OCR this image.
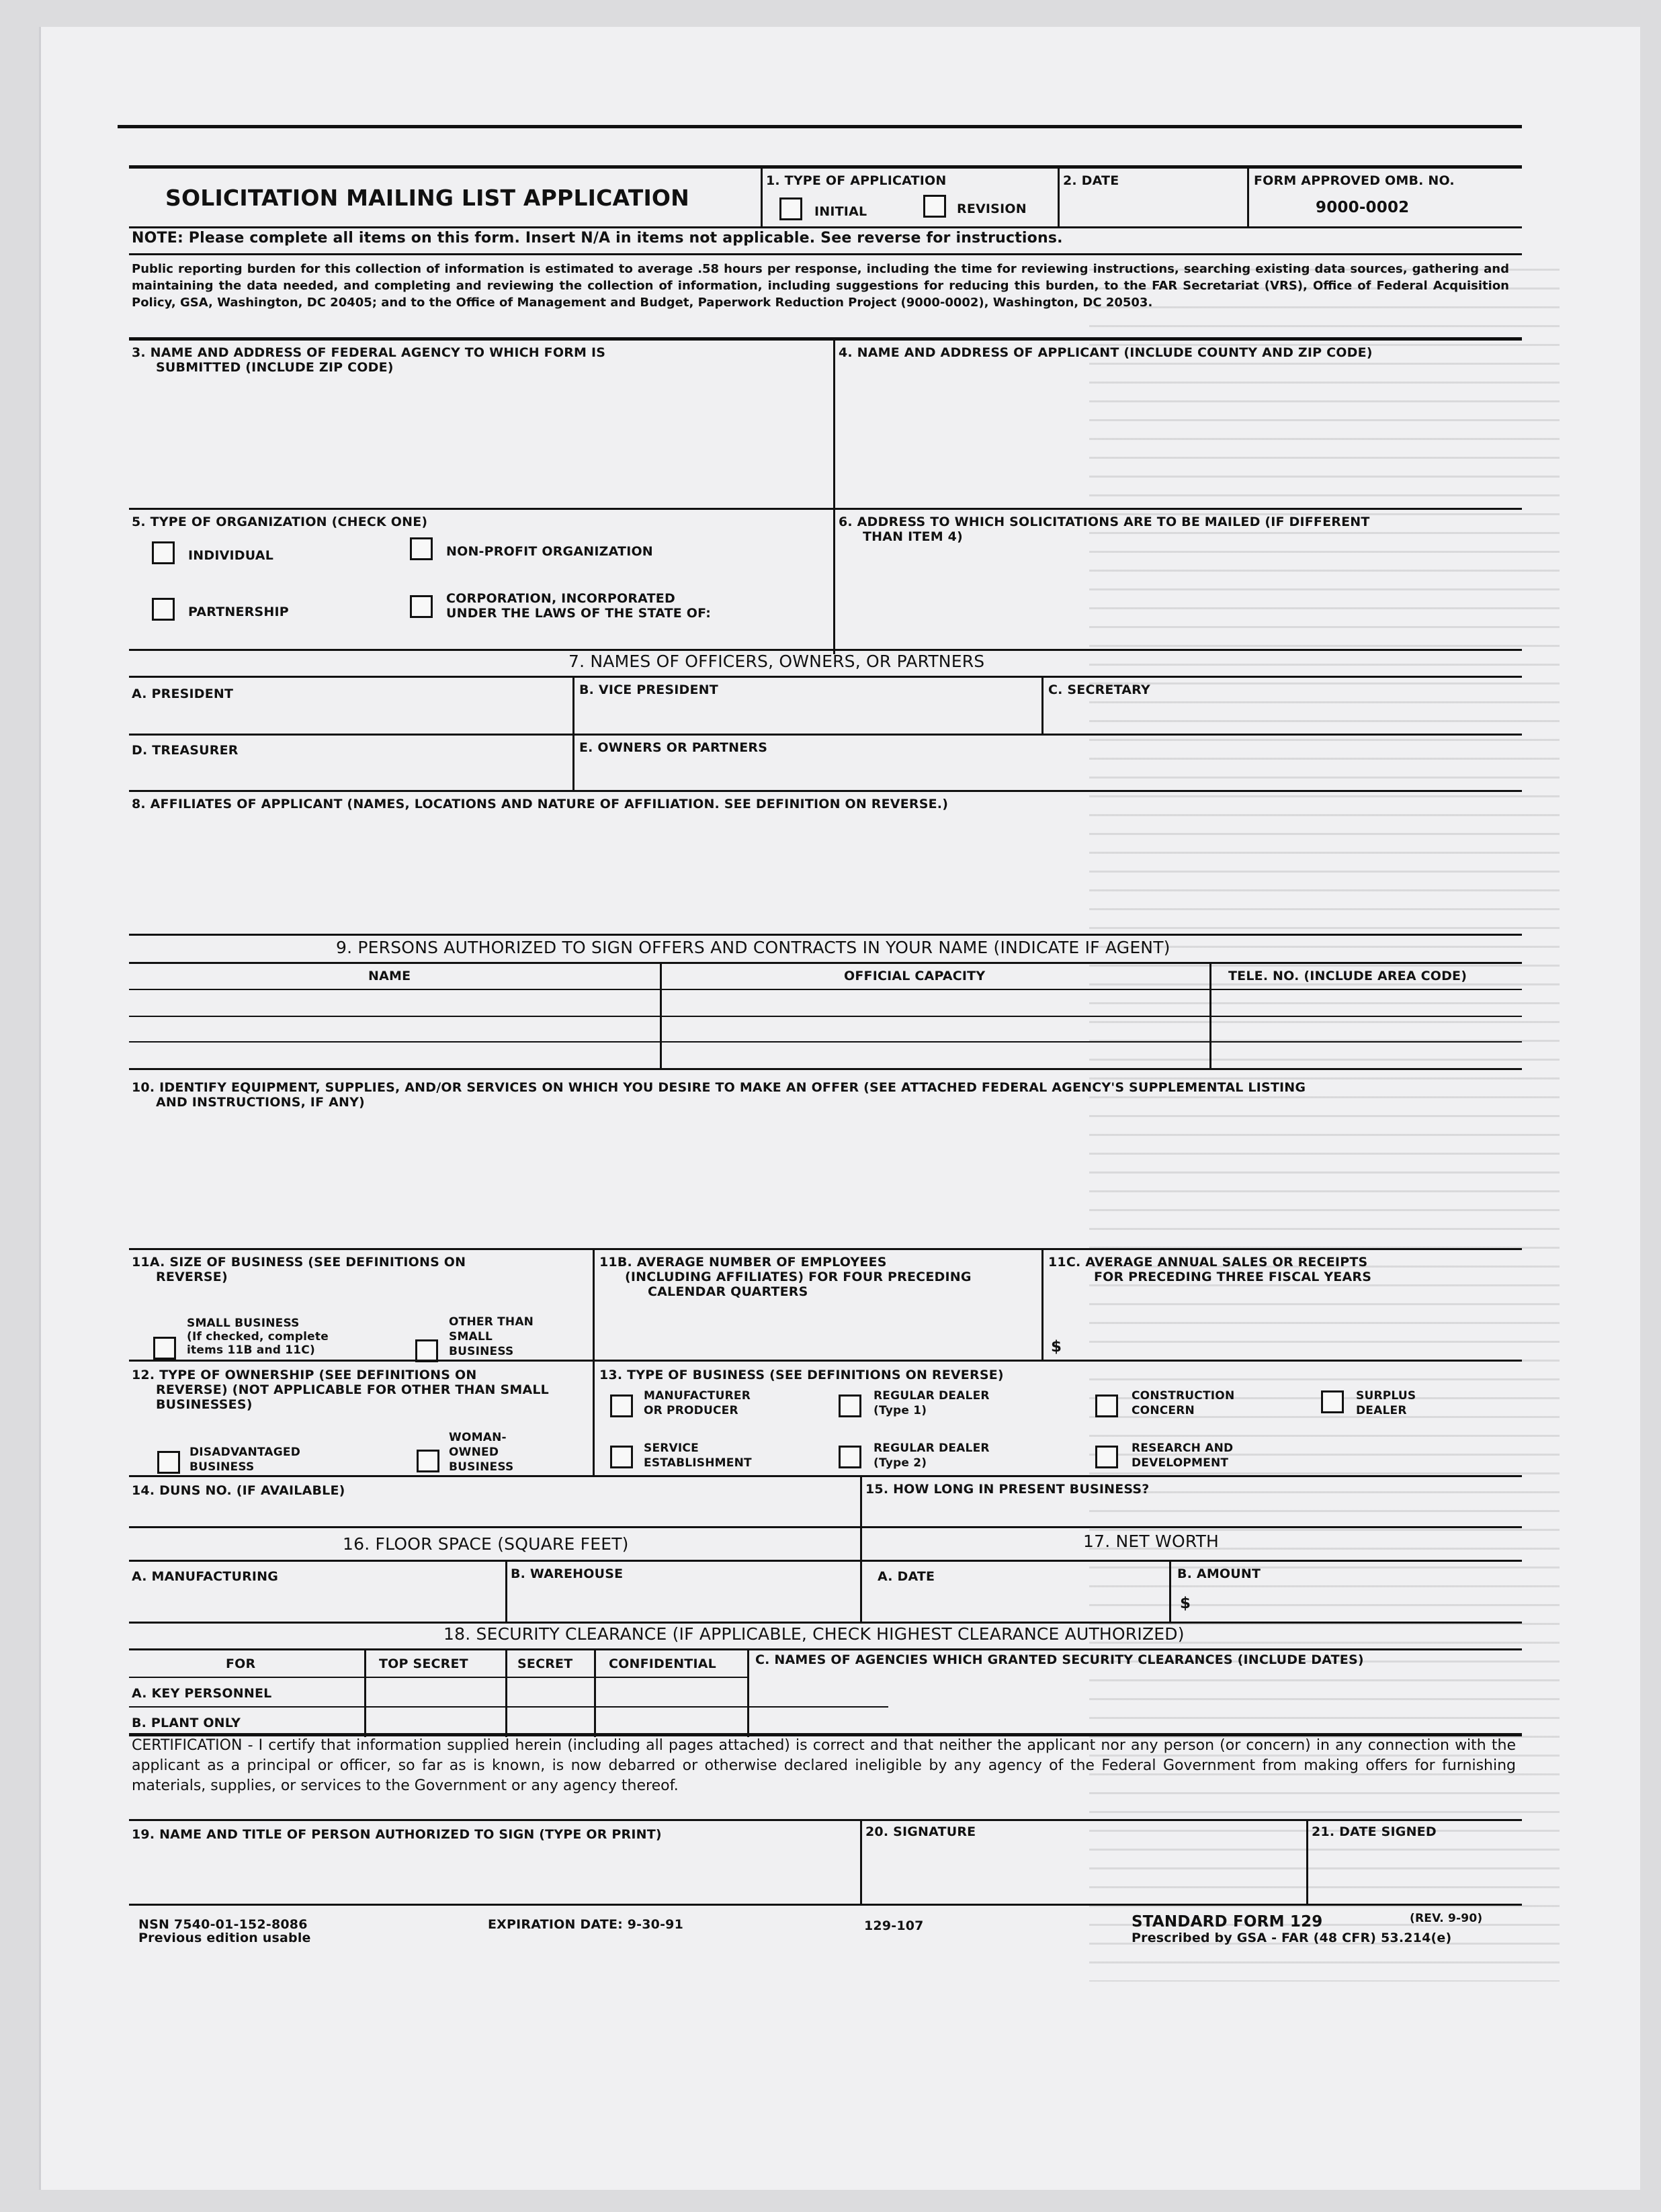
SOLICITATION MAILING LIST APPLICATION
1. TYPE OF APPLICATION
INITIAL	REVISION
2. DATE	FORM APPROVED OMB. NO.
9000-0002
NOTE: Please complete all items on this form. Insert N/A in items not applicable. See reverse for instructions.
Public reporting burden for this collection of information is estimated to average .58 hours per response, including the time for reviewing instructions, searching existing data sources, gathering and maintaining the data needed, and completing and reviewing the collection of information, including suggestions for reducing this burden, to the FAR Secretariat (VRS), Office of Federal Acquisition Policy, GSA, Washington, DC 20405; and to the Office of Management and Budget, Paperwork Reduction Project (9000-0002), Washington, DC 20503.
3. NAME AND ADDRESS OF FEDERAL AGENCY TO WHICH FORM IS
SUBMITTED (INCLUDE ZIP CODE)
4. NAME AND ADDRESS OF APPLICANT (INCLUDE COUNTY AND ZIP CODE)
5. TYPE OF ORGANIZATION (CHECK ONE)
INDIVIDUAL	NON-PROFIT ORGANIZATION
PARTNERSHIP
CORPORATION, INCORPORATED
UNDER THE LAWS OF THE STATE OF:
6. ADDRESS TO WHICH SOLICITATIONS ARE TO BE MAILED (IF DIFFERENT
THAN ITEM 4)
7. NAMES OF OFFICERS, OWNERS, OR PARTNERS
A. PRESIDENT	B. VICE PRESIDENT	C. SECRETARY
D. TREASURER	E. OWNERS OR PARTNERS
8. AFFILIATES OF APPLICANT (NAMES, LOCATIONS AND NATURE OF AFFILIATION. SEE DEFINITION ON REVERSE.)
9. PERSONS AUTHORIZED TO SIGN OFFERS AND CONTRACTS IN YOUR NAME (INDICATE IF AGENT)
NAME	OFFICIAL CAPACITY	TELE. NO. (INCLUDE AREA CODE)
10. IDENTIFY EQUIPMENT, SUPPLIES, AND/OR SERVICES ON WHICH YOU DESIRE TO MAKE AN OFFER (SEE ATTACHED FEDERAL AGENCY'S SUPPLEMENTAL LISTING
AND INSTRUCTIONS, IF ANY)
11A. SIZE OF BUSINESS (SEE DEFINITIONS ON
REVERSE)
SMALL BUSINESS
(If checked, complete
items 11B and 11C)
OTHER THAN
SMALL
BUSINESS
11B. AVERAGE NUMBER OF EMPLOYEES
(INCLUDING AFFILIATES) FOR FOUR PRECEDING
CALENDAR QUARTERS
11C. AVERAGE ANNUAL SALES OR RECEIPTS
FOR PRECEDING THREE FISCAL YEARS
$
12. TYPE OF OWNERSHIP (SEE DEFINITIONS ON
REVERSE) (NOT APPLICABLE FOR OTHER THAN SMALL
BUSINESSES)
DISADVANTAGED
BUSINESS
WOMAN-
OWNED
BUSINESS
13. TYPE OF BUSINESS (SEE DEFINITIONS ON REVERSE)
MANUFACTURER
OR PRODUCER
REGULAR DEALER
(Type 1)
CONSTRUCTION
CONCERN
SURPLUS
DEALER
SERVICE
ESTABLISHMENT
REGULAR DEALER
(Type 2)
RESEARCH AND
DEVELOPMENT
14. DUNS NO. (IF AVAILABLE)	15. HOW LONG IN PRESENT BUSINESS?
16. FLOOR SPACE (SQUARE FEET)	17. NET WORTH
A. MANUFACTURING	B. WAREHOUSE	A. DATE	B. AMOUNT
$
18. SECURITY CLEARANCE (IF APPLICABLE, CHECK HIGHEST CLEARANCE AUTHORIZED)
FOR	TOP SECRET	SECRET	CONFIDENTIAL	C. NAMES OF AGENCIES WHICH GRANTED SECURITY CLEARANCES (INCLUDE DATES)
A. KEY PERSONNEL
B. PLANT ONLY
CERTIFICATION - I certify that information supplied herein (including all pages attached) is correct and that neither the applicant nor any person (or concern) in any connection with the applicant as a principal or officer, so far as is known, is now debarred or otherwise declared ineligible by any agency of the Federal Government from making offers for furnishing materials, supplies, or services to the Government or any agency thereof.
19. NAME AND TITLE OF PERSON AUTHORIZED TO SIGN (TYPE OR PRINT)	20. SIGNATURE	21. DATE SIGNED
NSN 7540-01-152-8086
Previous edition usable
EXPIRATION DATE: 9-30-91	129-107	STANDARD FORM 129	(REV. 9-90)
Prescribed by GSA - FAR (48 CFR) 53.214(e)
